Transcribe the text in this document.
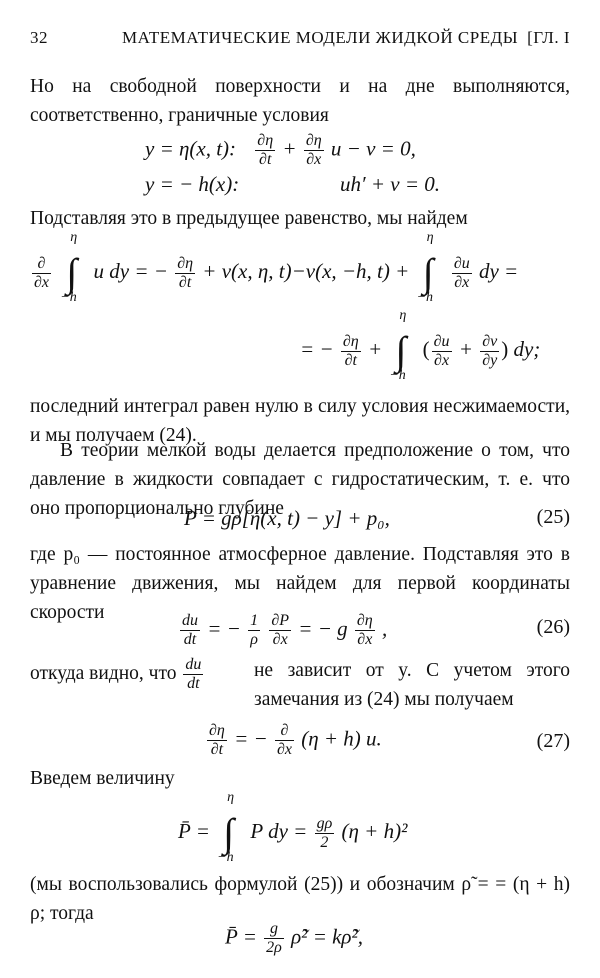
32	МАТЕМАТИЧЕСКИЕ МОДЕЛИ ЖИДКОЙ СРЕДЫ [ГЛ. I
Но на свободной поверхности и на дне выполняются, соответственно, граничные условия
y = η(x, t): $\frac{\partial\eta}{\partial t} + \frac{\partial\eta}{\partial x}$ u − v = 0,
y = − h(x):	uh′ + v = 0.
Подставляя это в предыдущее равенство, мы найдем
$\frac{\partial}{\partial x}$

η
∫
−h
u dy = − $\frac{\partial\eta}{\partial t} + v(x$, η, t)−v(x, −h, t) +
η
∫
−h

$\frac{\partial u}{\partial x}$ dy =
= − $\frac{\partial\eta}{\partial t}$ +
η
∫
−h
( $\frac{\partial u}{\partial x} + \frac{\partial v}{\partial y}$ ) dy;
последний интеграл равен нулю в силу условия несжимаемости, и мы получаем (24).
В теории мелкой воды делается предположение о том, что давление в жидкости совпадает с гидростатическим, т. е. что оно пропорционально глубине
P = gρ[η(x, t) − y] + p₀,	(25)
где p₀ — постоянное атмосферное давление. Подставляя это в уравнение движения, мы найдем для первой координаты скорости	$\frac{du}{dt}$ = − $\frac{1}{\rho}$
$\frac{\partial P}{\partial x}$ = − g $\frac{\partial\eta}{\partial x}$ ,	(26)
откуда видно, что $\frac{du}{dt}$	не зависит от y. С учетом этого замечания из (24) мы получаем
$\frac{\partial\eta}{\partial t}$ = − $\frac{\partial}{\partial x} (\eta + h)$ u.	(27)
Введем величину
P̄ =
η
∫
−h
P dy = $\frac{g\rho}{2} (\eta + h)^2$
(мы воспользовались формулой (25)) и обозначим ρ̃ = = (η + h) ρ; тогда
P̄ = $\frac{g}{2\rho}$ ρ̃² = kρ̃²,
